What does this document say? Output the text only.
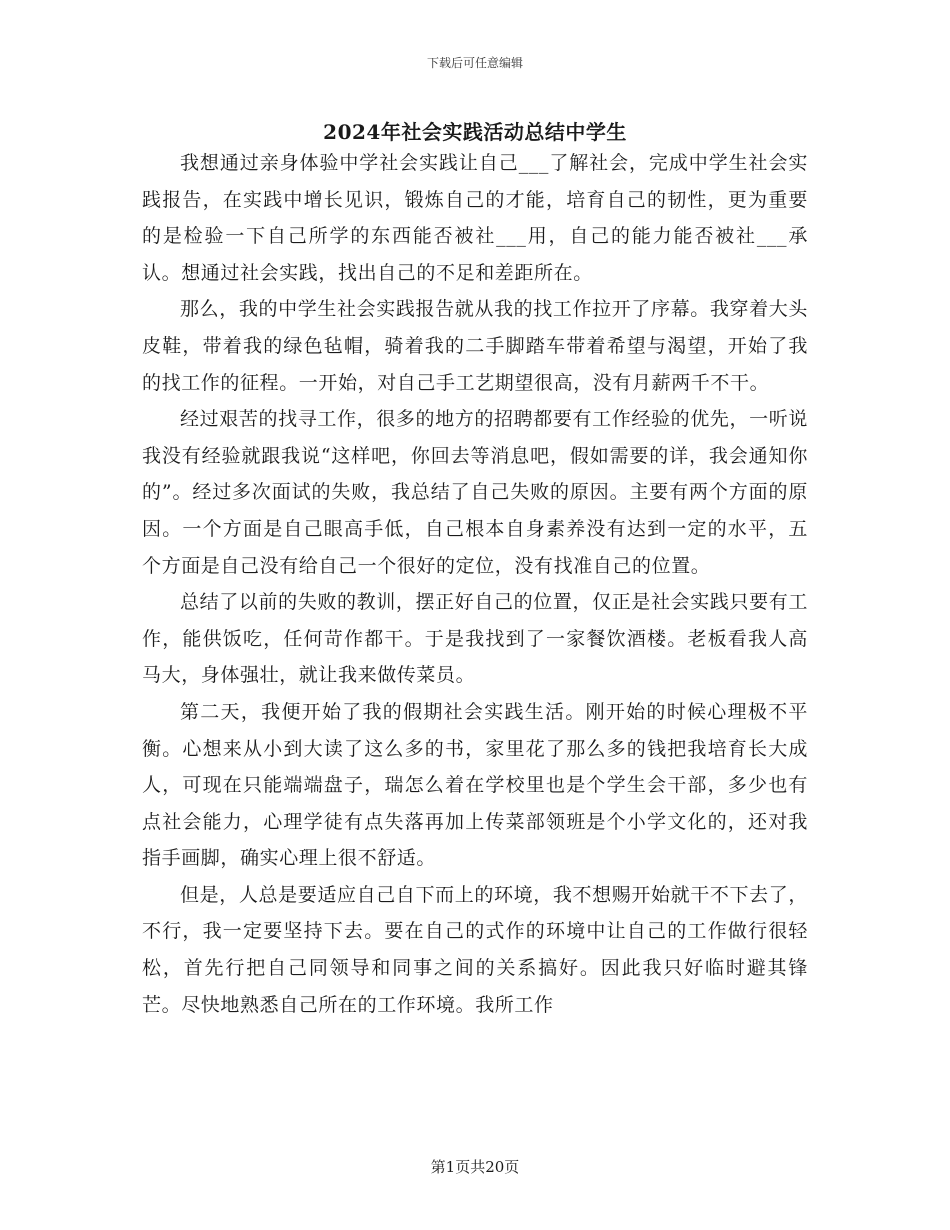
下载后可任意编辑
2024年社会实践活动总结中学生

我想通过亲身体验中学社会实践让自己___了解社会，完成中学生社会实践报告，在实践中增长见识，锻炼自己的才能，培育自己的韧性，更为重要的是检验一下自己所学的东西能否被社___用，自己的能力能否被社___承认。想通过社会实践，找出自己的不足和差距所在。

那么，我的中学生社会实践报告就从我的找工作拉开了序幕。我穿着大头皮鞋，带着我的绿色毡帽，骑着我的二手脚踏车带着希望与渴望，开始了我的找工作的征程。一开始，对自己手工艺期望很高，没有月薪两千不干。

经过艰苦的找寻工作，很多的地方的招聘都要有工作经验的优先，一听说我没有经验就跟我说“这样吧，你回去等消息吧，假如需要的详，我会通知你的”。经过多次面试的失败，我总结了自己失败的原因。主要有两个方面的原因。一个方面是自己眼高手低，自己根本自身素养没有达到一定的水平，五个方面是自己没有给自己一个很好的定位，没有找准自己的位置。

总结了以前的失败的教训，摆正好自己的位置，仅正是社会实践只要有工作，能供饭吃，任何苛作都干。于是我找到了一家餐饮酒楼。老板看我人高马大，身体强壮，就让我来做传菜员。

第二天，我便开始了我的假期社会实践生活。刚开始的时候心理极不平衡。心想来从小到大读了这么多的书，家里花了那么多的钱把我培育长大成人，可现在只能端端盘子，瑞怎么着在学校里也是个学生会干部，多少也有点社会能力，心理学徒有点失落再加上传菜部领班是个小学文化的，还对我指手画脚，确实心理上很不舒适。

但是，人总是要适应自己自下而上的环境，我不想赐开始就干不下去了，不行，我一定要坚持下去。要在自己的式作的环境中让自己的工作做行很轻松，首先行把自己同领导和同事之间的关系搞好。因此我只好临时避其锋芒。尽快地熟悉自己所在的工作环境。我所工作

第1页共20页
